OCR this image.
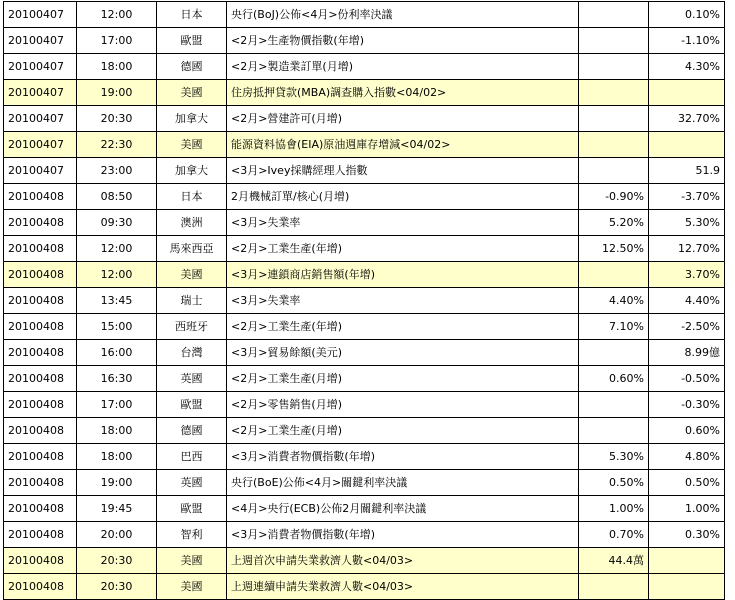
20100407	12:00	日本	央行(BoJ)公佈<4月>份利率決議		0.10%
20100407	17:00	歐盟	<2月>生產物價指數(年增)		-1.10%
20100407	18:00	德國	<2月>製造業訂單(月增)		4.30%
20100407	19:00	美國	住房抵押貸款(MBA)調查購入指數<04/02>		
20100407	20:30	加拿大	<2月>營建許可(月增)		32.70%
20100407	22:30	美國	能源資料協會(EIA)原油週庫存增減<04/02>		
20100407	23:00	加拿大	<3月>Ivey採購經理人指數		51.9
20100408	08:50	日本	2月機械訂單/核心(月增)	-0.90%	-3.70%
20100408	09:30	澳洲	<3月>失業率	5.20%	5.30%
20100408	12:00	馬來西亞	<2月>工業生產(年增)	12.50%	12.70%
20100408	12:00	美國	<3月>連鎖商店銷售額(年增)		3.70%
20100408	13:45	瑞士	<3月>失業率	4.40%	4.40%
20100408	15:00	西班牙	<2月>工業生產(年增)	7.10%	-2.50%
20100408	16:00	台灣	<3月>貿易餘額(美元)		8.99億
20100408	16:30	英國	<2月>工業生產(月增)	0.60%	-0.50%
20100408	17:00	歐盟	<2月>零售銷售(月增)		-0.30%
20100408	18:00	德國	<2月>工業生產(月增)		0.60%
20100408	18:00	巴西	<3月>消費者物價指數(年增)	5.30%	4.80%
20100408	19:00	英國	央行(BoE)公佈<4月>關鍵利率決議	0.50%	0.50%
20100408	19:45	歐盟	<4月>央行(ECB)公佈2月關鍵利率決議	1.00%	1.00%
20100408	20:00	智利	<3月>消費者物價指數(年增)	0.70%	0.30%
20100408	20:30	美國	上週首次申請失業救濟人數<04/03>	44.4萬	
20100408	20:30	美國	上週連續申請失業救濟人數<04/03>		
